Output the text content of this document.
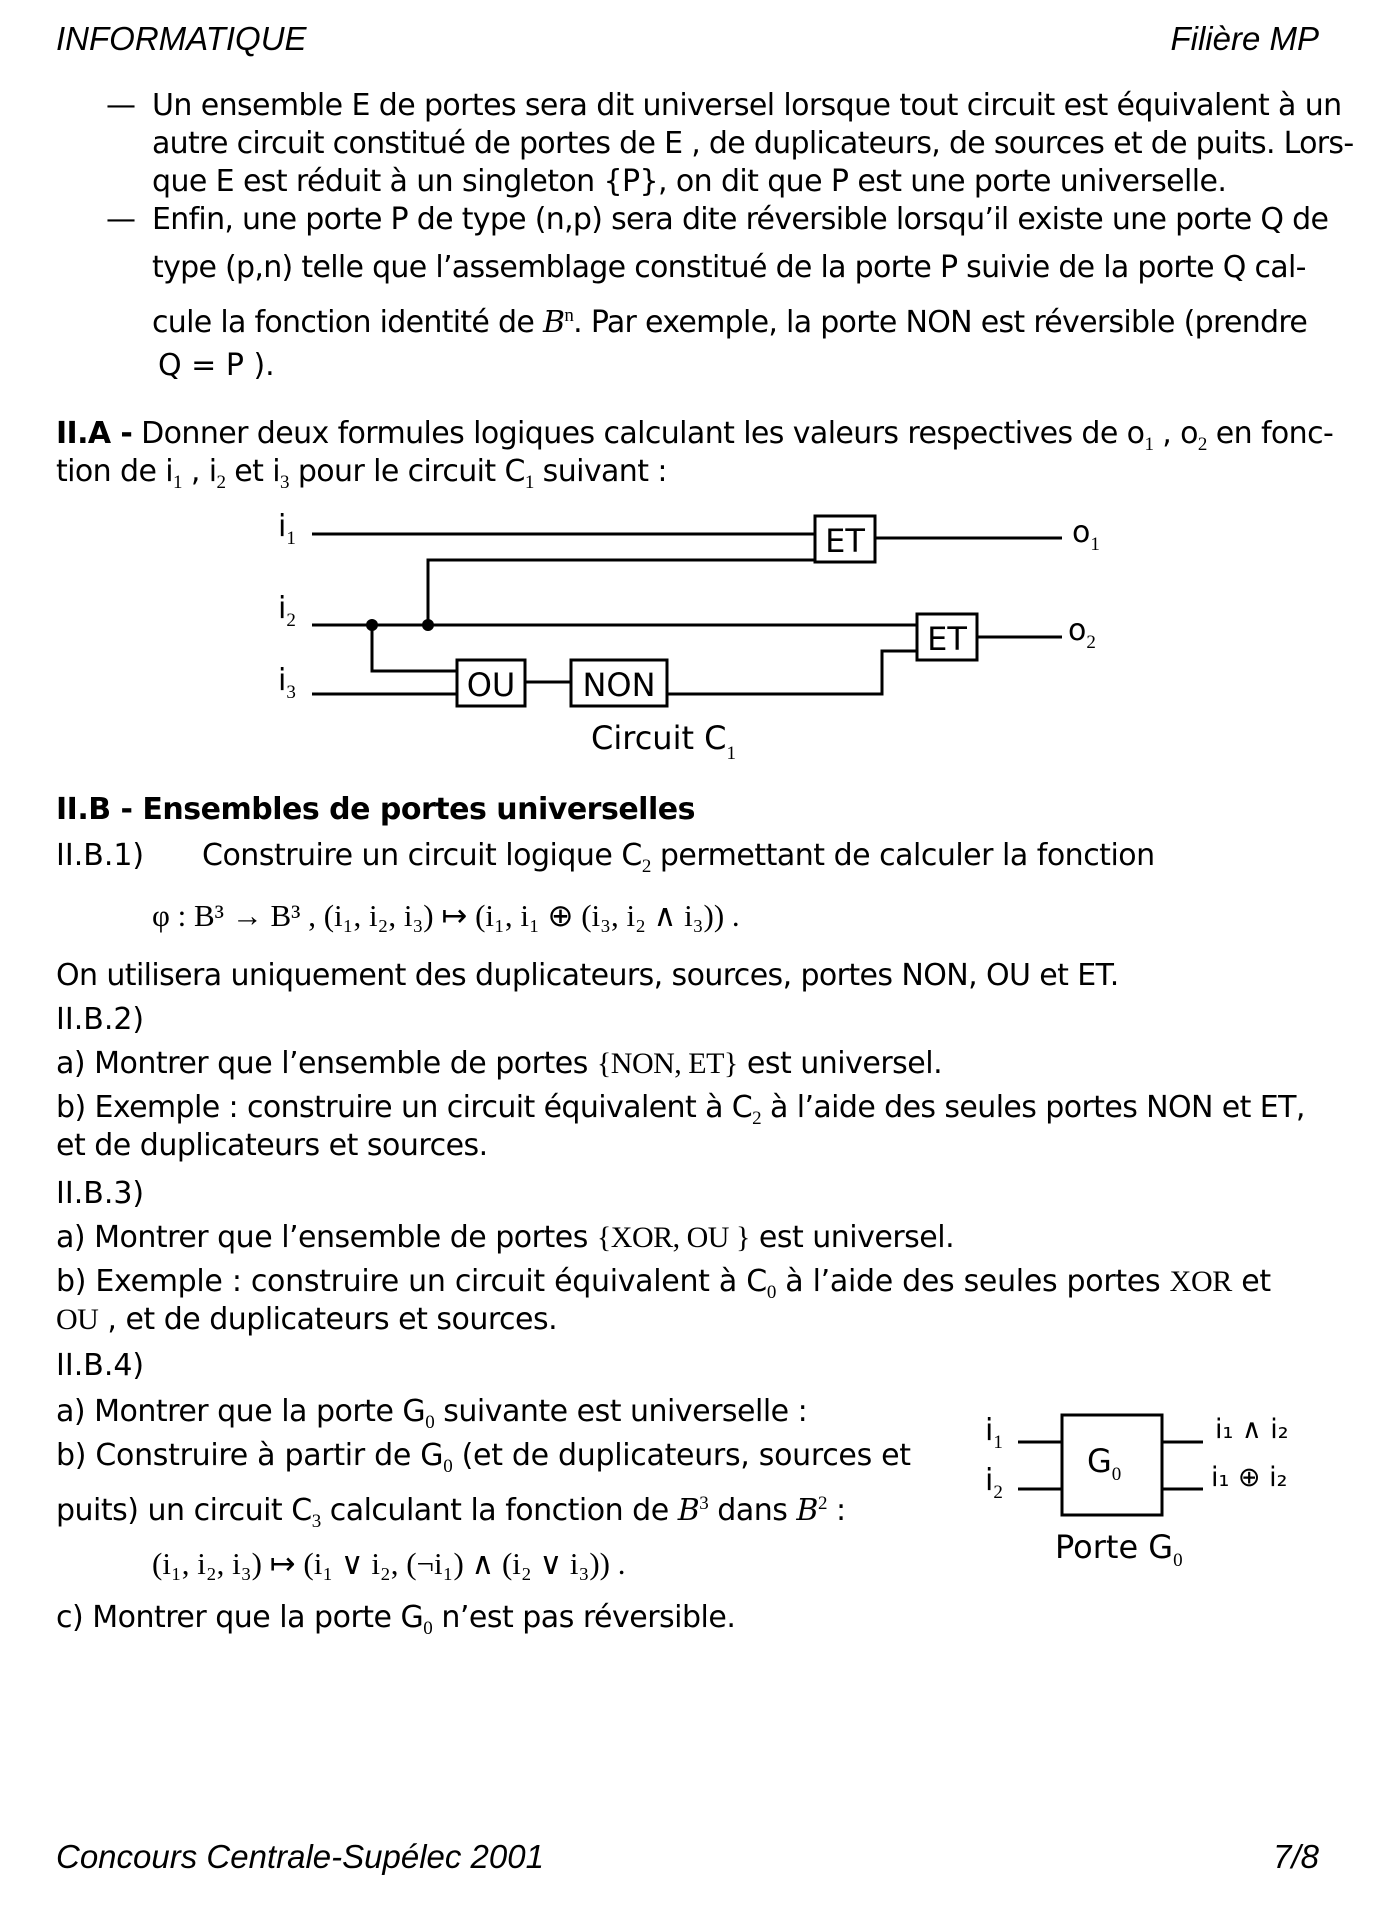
INFORMATIQUE	Filière MP
— Un ensemble E de portes sera dit universel lorsque tout circuit est équivalent à un
autre circuit constitué de portes de E , de duplicateurs, de sources et de puits. Lors-
que E est réduit à un singleton {P}, on dit que P est une porte universelle.
— Enfin, une porte P de type (n,p) sera dite réversible lorsqu’il existe une porte Q de
type (p,n) telle que l’assemblage constitué de la porte P suivie de la porte Q cal-
cule la fonction identité de $B^n$. Par exemple, la porte NON est réversible (prendre
Q = P ).
II.A - Donner deux formules logiques calculant les valeurs respectives de $o_1$ , $o_2$ en fonc-
tion de $i_1$ , $i_2$ et $i_3$ pour le circuit $C_1$ suivant :
ET
ET
OU NON
$i_1$
$i_2$
$i_3$
$o_1$
$o_2$
Circuit $C_1$
II.B - Ensembles de portes universelles
II.B.1) Construire un circuit logique $C_2$ permettant de calculer la fonction
φ : B³ → B³ , (i₁, i₂, i₃) ↦ (i₁, i₁ ⊕ (i₃, i₂ ∧ i₃)) .
On utilisera uniquement des duplicateurs, sources, portes NON, OU et ET.
II.B.2)
a) Montrer que l’ensemble de portes {NON, ET} est universel.
b) Exemple : construire un circuit équivalent à $C_2$ à l’aide des seules portes NON et ET,
et de duplicateurs et sources.
II.B.3)
a) Montrer que l’ensemble de portes {XOR, OU } est universel.
b) Exemple : construire un circuit équivalent à $C_0$ à l’aide des seules portes XOR et
OU , et de duplicateurs et sources.
II.B.4)
a) Montrer que la porte $G_0$ suivante est universelle :
b) Construire à partir de $G_0$ (et de duplicateurs, sources et
puits) un circuit $C_3$ calculant la fonction de $B^3$ dans $B^2$ :
(i₁, i₂, i₃) ↦ (i₁ ∨ i₂, (¬i₁) ∧ (i₂ ∨ i₃)) .
c) Montrer que la porte $G_0$ n’est pas réversible.
$i_1$
$i_2$
$G_0$
i₁ ∧ i₂
i₁ ⊕ i₂
Porte $G_0$
Concours Centrale-Supélec 2001	7/8
